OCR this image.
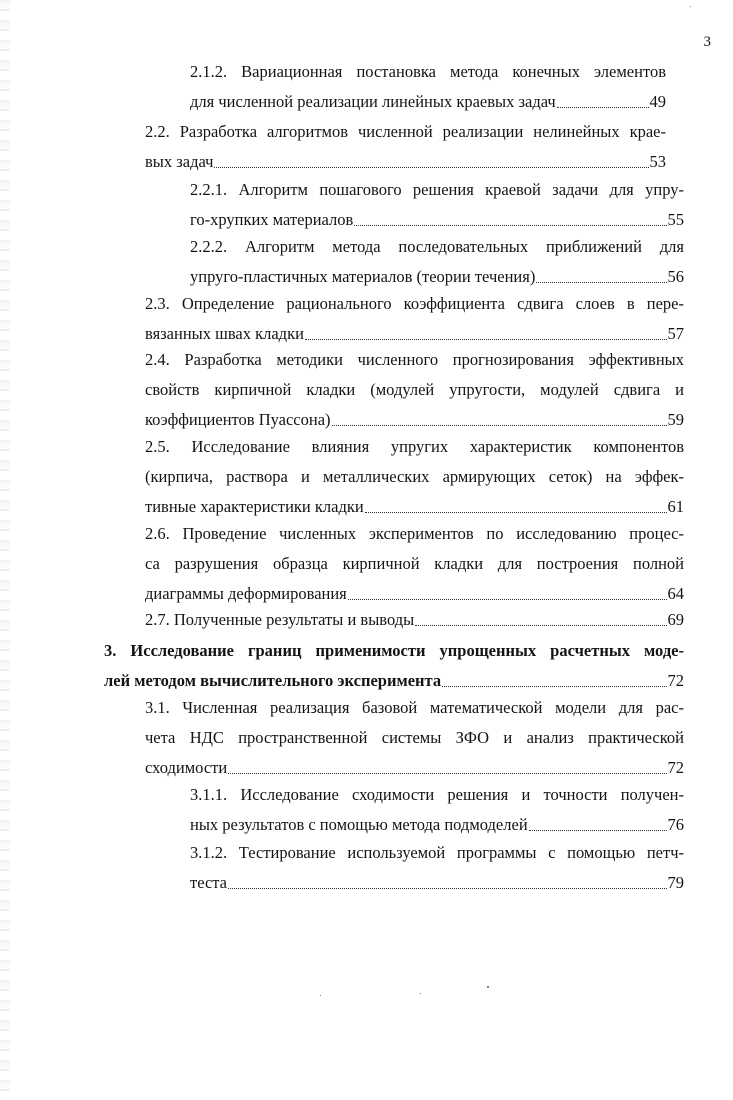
3
2.1.2. Вариационная постановка метода конечных элементов
для численной реализации линейных краевых задач	49
2.2. Разработка алгоритмов численной реализации нелинейных крае-
вых задач	53
2.2.1. Алгоритм пошагового решения краевой задачи для упру-
го-хрупких материалов	55
2.2.2. Алгоритм метода последовательных приближений для
упруго-пластичных материалов (теории течения)	56
2.3. Определение рационального коэффициента сдвига слоев в пере-
вязанных швах кладки	57
2.4. Разработка методики численного прогнозирования эффективных
свойств кирпичной кладки (модулей упругости, модулей сдвига и
коэффициентов Пуассона)	59
2.5. Исследование влияния упругих характеристик компонентов
(кирпича, раствора и металлических армирующих сеток) на эффек-
тивные характеристики кладки	61
2.6. Проведение численных экспериментов по исследованию процес-
са разрушения образца кирпичной кладки для построения полной
диаграммы деформирования	64
2.7. Полученные результаты и выводы	69
3. Исследование границ применимости упрощенных расчетных моде-
лей методом вычислительного эксперимента	72
3.1. Численная реализация базовой математической модели для рас-
чета НДС пространственной системы ЗФО и анализ практической
сходимости	72
3.1.1. Исследование сходимости решения и точности получен-
ных результатов с помощью метода подмоделей	76
3.1.2. Тестирование используемой программы с помощью петч-
теста	79
